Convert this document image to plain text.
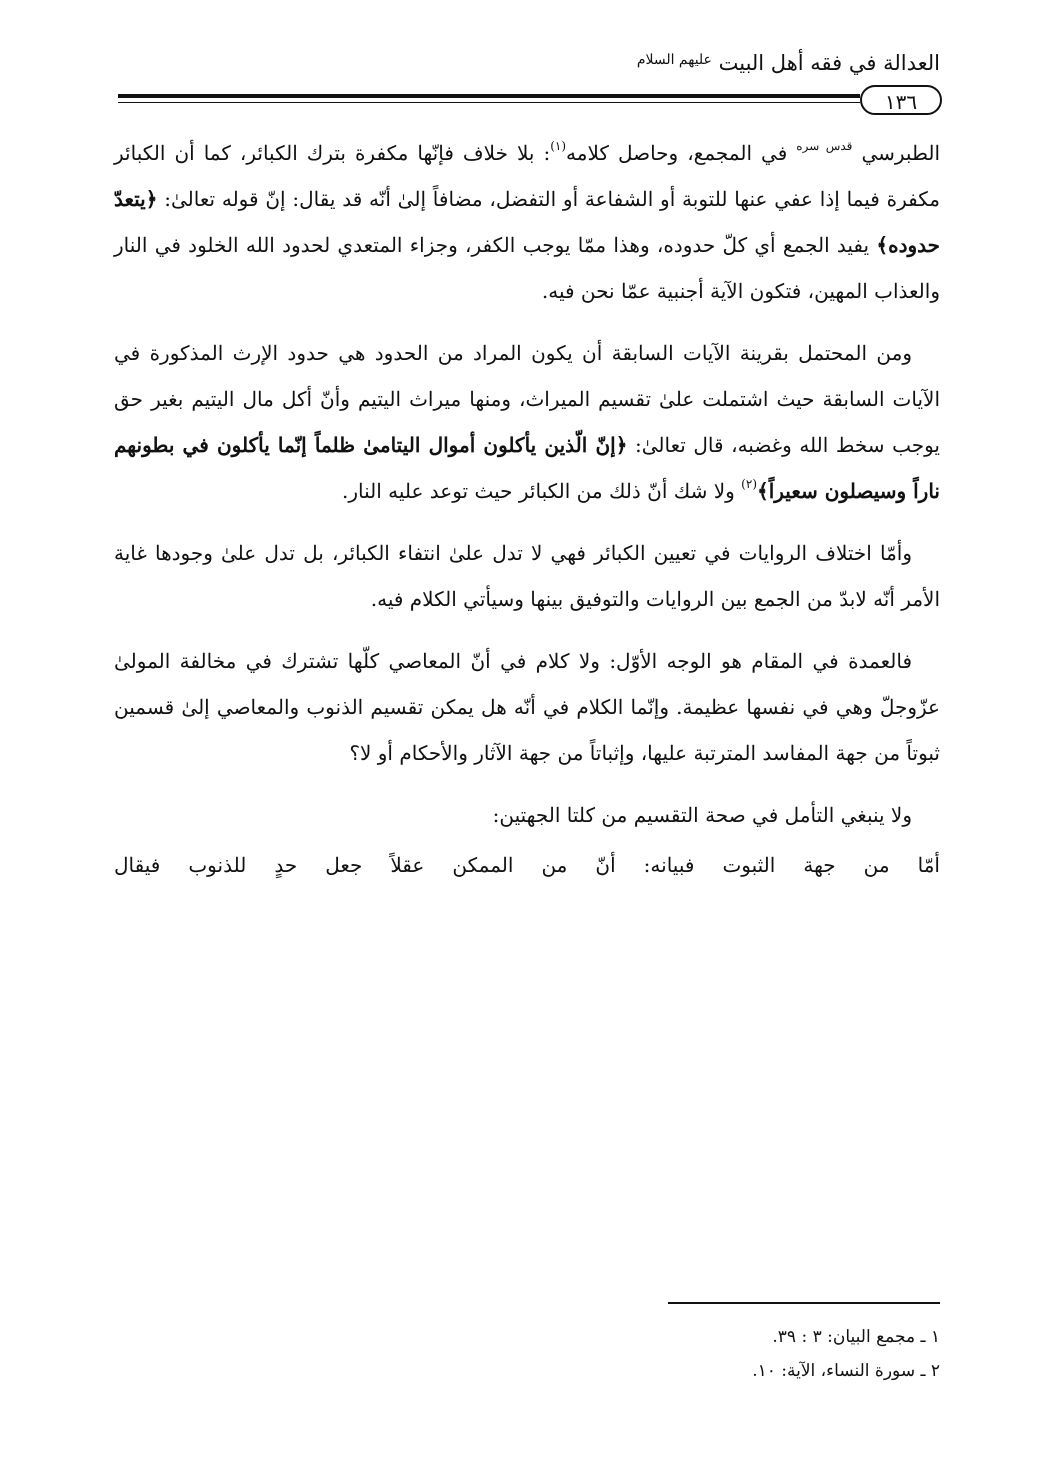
العدالة في فقه أهل البيت $^{عليهم السلام}$
١٣٦

الطبرسي $^{قدس سره}$ في المجمع، وحاصل كلامه$^{(١)}$: بلا خلاف فإنّها مكفرة بترك الكبائر، كما أن الكبائر مكفرة فيما إذا عفي عنها للتوبة أو الشفاعة أو التفضل، مضافاً إلىٰ أنّه قد يقال: إنّ قوله تعالىٰ: ﴿يتعدّ حدوده﴾ يفيد الجمع أي كلّ حدوده، وهذا ممّا يوجب الكفر، وجزاء المتعدي لحدود الله الخلود في النار والعذاب المهين، فتكون الآية أجنبية عمّا نحن فيه.

ومن المحتمل بقرينة الآيات السابقة أن يكون المراد من الحدود هي حدود الإرث المذكورة في الآيات السابقة حيث اشتملت علىٰ تقسيم الميراث، ومنها ميراث اليتيم وأنّ أكل مال اليتيم بغير حق يوجب سخط الله وغضبه، قال تعالىٰ: ﴿إنّ الّذين يأكلون أموال اليتامىٰ ظلماً إنّما يأكلون في بطونهم ناراً وسيصلون سعيراً﴾$^{(٢)}$ ولا شك أنّ ذلك من الكبائر حيث توعد عليه النار.

وأمّا اختلاف الروايات في تعيين الكبائر فهي لا تدل علىٰ انتفاء الكبائر، بل تدل علىٰ وجودها غاية الأمر أنّه لابدّ من الجمع بين الروايات والتوفيق بينها وسيأتي الكلام فيه.

فالعمدة في المقام هو الوجه الأوّل: ولا كلام في أنّ المعاصي كلّها تشترك في مخالفة المولىٰ عزّوجلّ وهي في نفسها عظيمة. وإنّما الكلام في أنّه هل يمكن تقسيم الذنوب والمعاصي إلىٰ قسمين ثبوتاً من جهة المفاسد المترتبة عليها، وإثباتاً من جهة الآثار والأحكام أو لا؟

ولا ينبغي التأمل في صحة التقسيم من كلتا الجهتين:

أمّا من جهة الثبوت فبيانه: أنّ من الممكن عقلاً جعل حدٍ للذنوب فيقال

١ ـ مجمع البيان: ٣ : ٣٩.

٢ ـ سورة النساء، الآية: ١٠.
